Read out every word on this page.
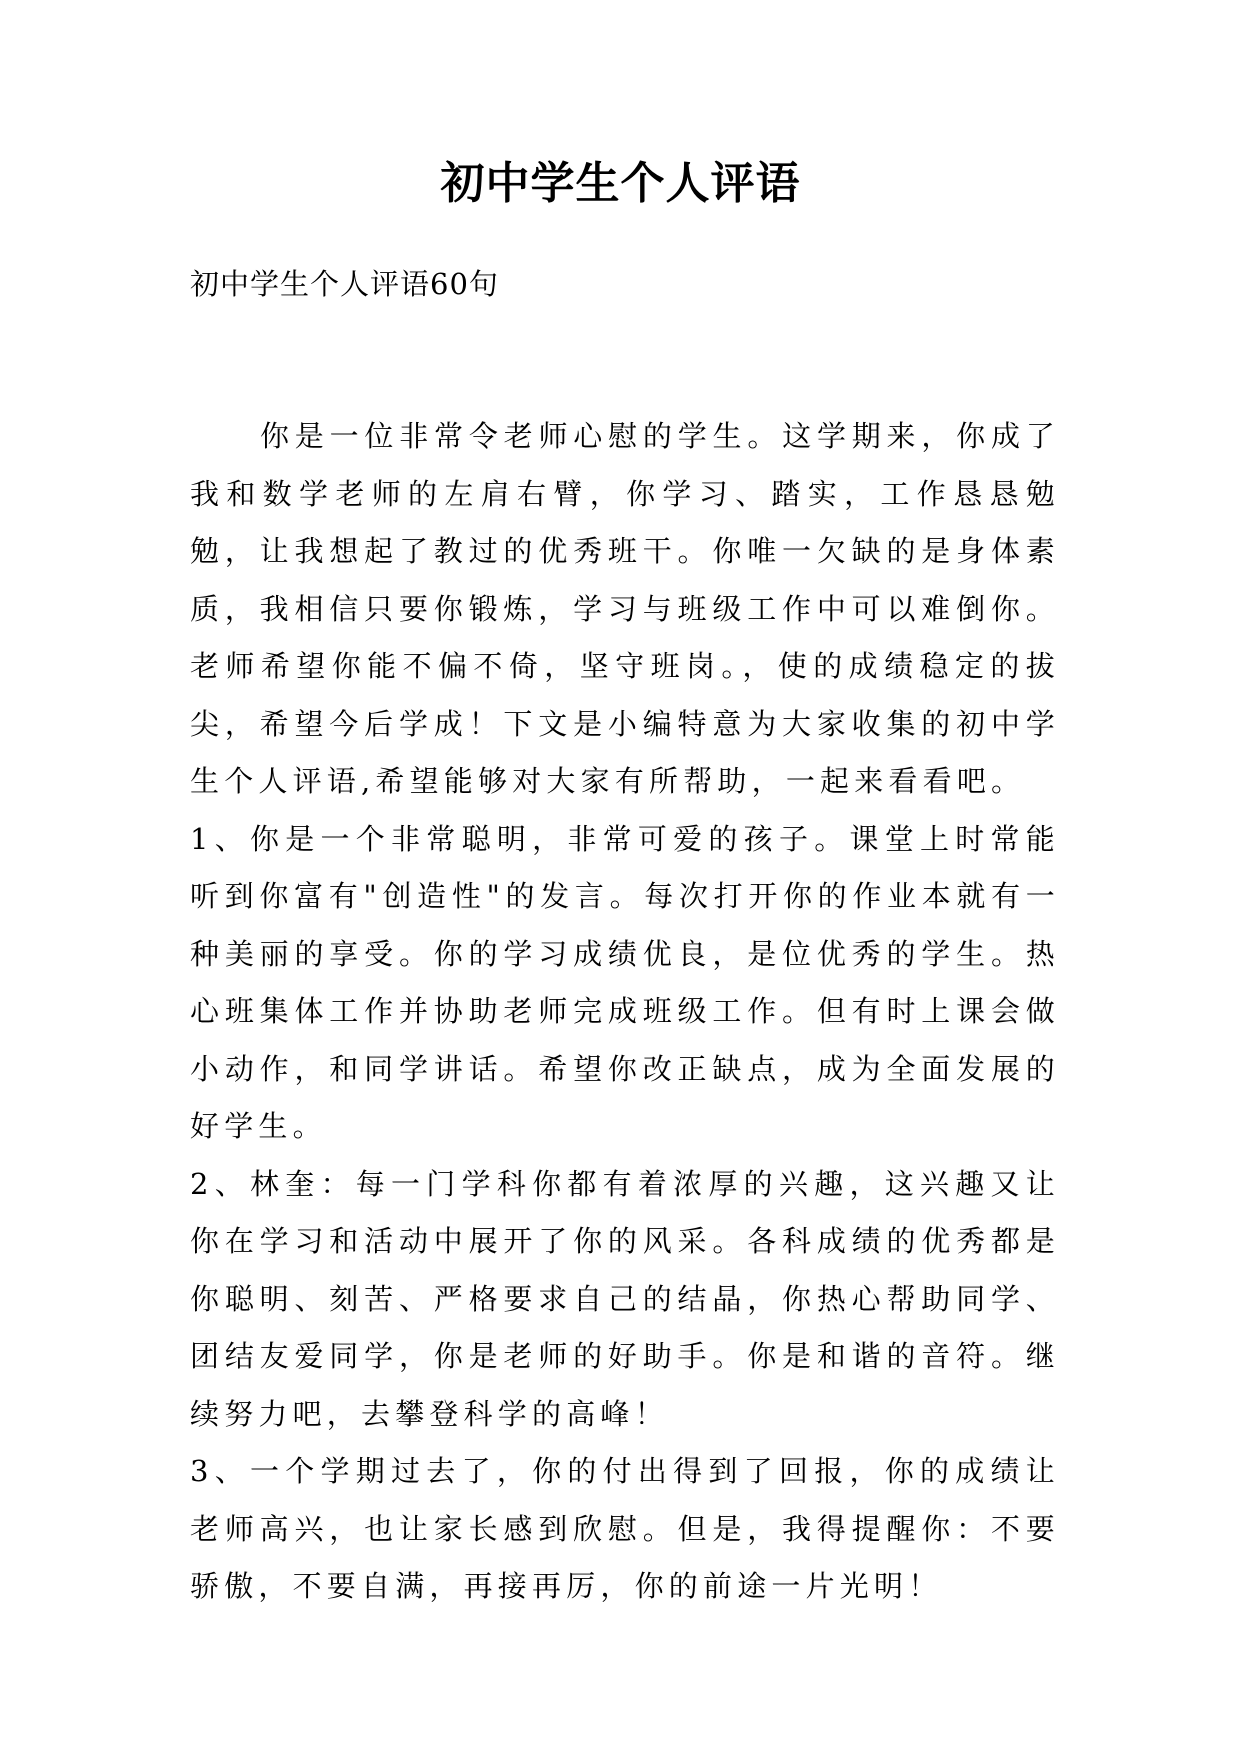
初中学生个人评语
初中学生个人评语60句

你是一位非常令老师心慰的学生。这学期来，你成了我和数学老师的左肩右臂，你学习、踏实，工作恳恳勉勉，让我想起了教过的优秀班干。你唯一欠缺的是身体素质，我相信只要你锻炼，学习与班级工作中可以难倒你。老师希望你能不偏不倚，坚守班岗。，使的成绩稳定的拔尖，希望今后学成！下文是小编特意为大家收集的初中学生个人评语,希望能够对大家有所帮助，一起来看看吧。

1、你是一个非常聪明，非常可爱的孩子。课堂上时常能听到你富有"创造性"的发言。每次打开你的作业本就有一种美丽的享受。你的学习成绩优良，是位优秀的学生。热心班集体工作并协助老师完成班级工作。但有时上课会做小动作，和同学讲话。希望你改正缺点，成为全面发展的好学生。

2、林奎：每一门学科你都有着浓厚的兴趣，这兴趣又让你在学习和活动中展开了你的风采。各科成绩的优秀都是你聪明、刻苦、严格要求自己的结晶，你热心帮助同学、团结友爱同学，你是老师的好助手。你是和谐的音符。继续努力吧，去攀登科学的高峰！

3、一个学期过去了，你的付出得到了回报，你的成绩让老师高兴，也让家长感到欣慰。但是，我得提醒你：不要骄傲，不要自满，再接再厉，你的前途一片光明！
